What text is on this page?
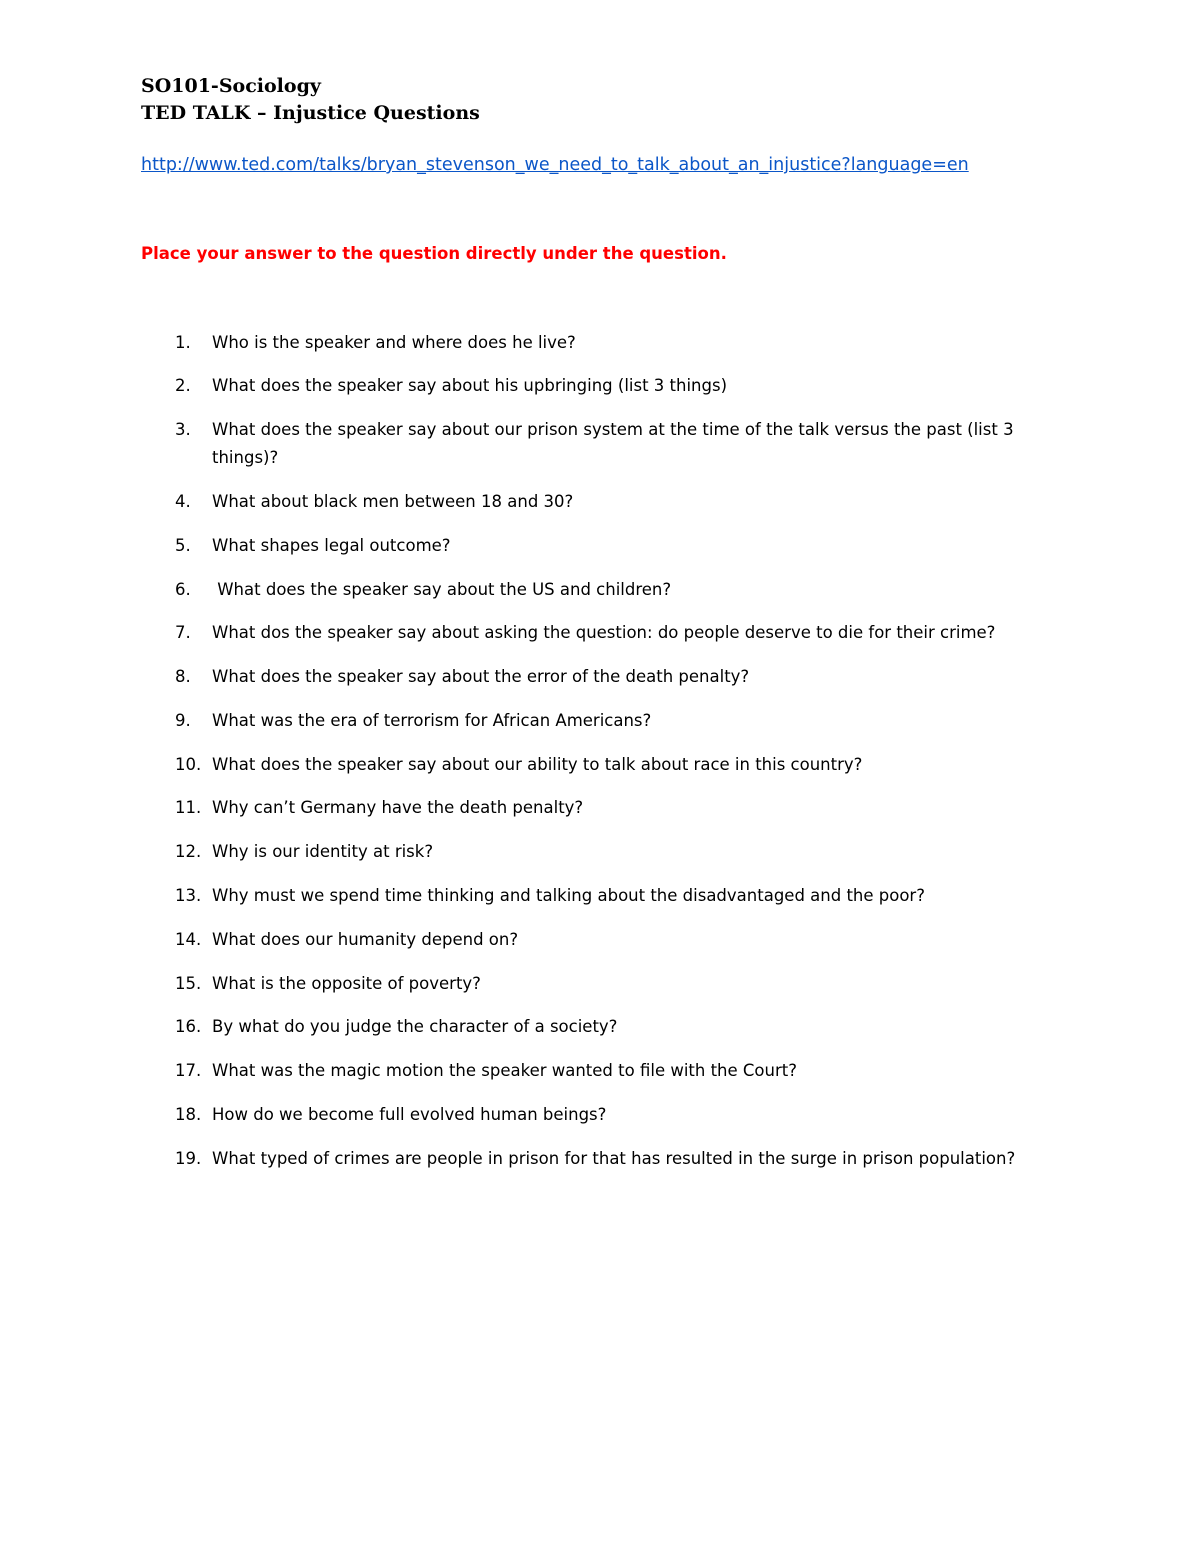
SO101-Sociology
TED TALK – Injustice Questions
http://www.ted.com/talks/bryan_stevenson_we_need_to_talk_about_an_injustice?language=en

Place your answer to the question directly under the question.

1. Who is the speaker and where does he live?
2. What does the speaker say about his upbringing (list 3 things)
3. What does the speaker say about our prison system at the time of the talk versus the past (list 3 things)?
4. What about black men between 18 and 30?
5. What shapes legal outcome?
6. What does the speaker say about the US and children?
7. What dos the speaker say about asking the question: do people deserve to die for their crime?
8. What does the speaker say about the error of the death penalty?
9. What was the era of terrorism for African Americans?
10. What does the speaker say about our ability to talk about race in this country?
11. Why can’t Germany have the death penalty?
12. Why is our identity at risk?
13. Why must we spend time thinking and talking about the disadvantaged and the poor?
14. What does our humanity depend on?
15. What is the opposite of poverty?
16. By what do you judge the character of a society?
17. What was the magic motion the speaker wanted to file with the Court?
18. How do we become full evolved human beings?
19. What typed of crimes are people in prison for that has resulted in the surge in prison population?
